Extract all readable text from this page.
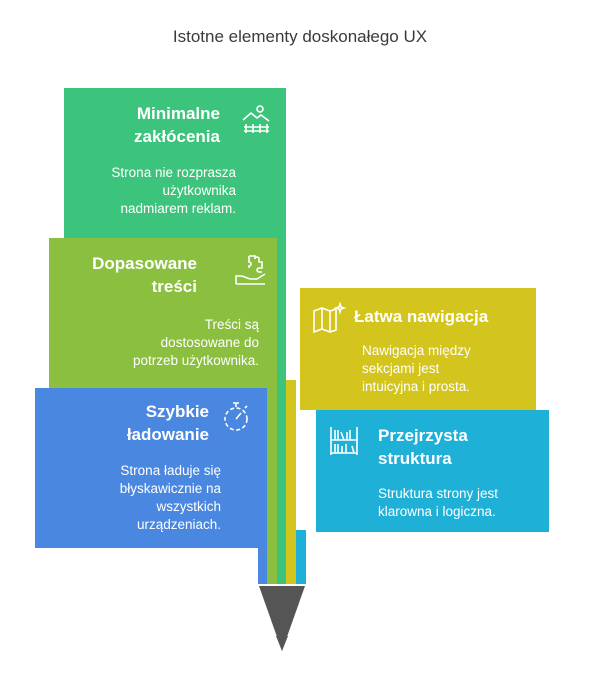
Istotne elementy doskonałego UX
Minimalne
zakłócenia
Strona nie rozprasza
użytkownika
nadmiarem reklam.
Dopasowane
treści
Treści są
dostosowane do
potrzeb użytkownika.
Szybkie
ładowanie
Strona ładuje się
błyskawicznie na
wszystkich
urządzeniach.
Łatwa nawigacja
Nawigacja między
sekcjami jest
intuicyjna i prosta.
Przejrzysta
struktura
Struktura strony jest
klarowna i logiczna.
